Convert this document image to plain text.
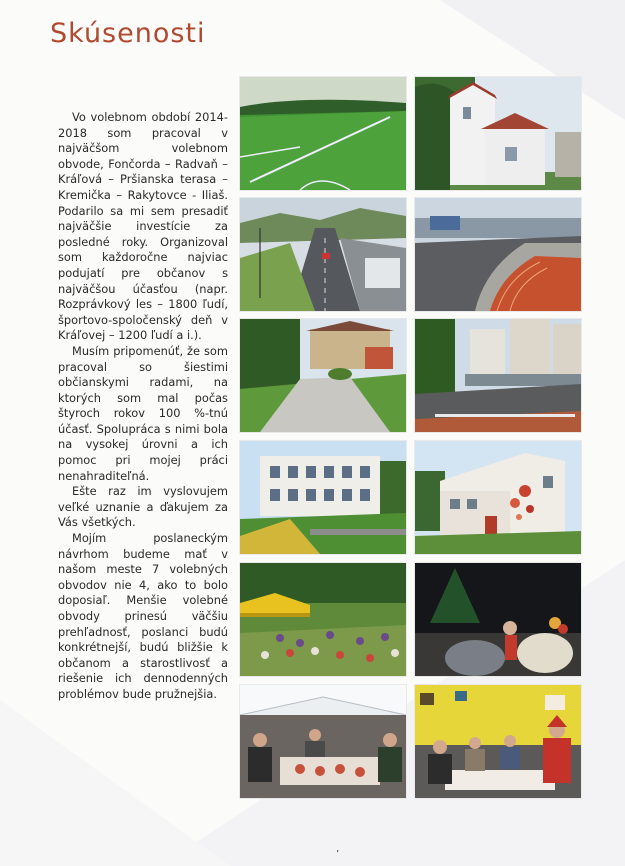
Skúsenosti

Vo volebnom období 2014-2018 som pracoval v najväčšom volebnom obvode, Fončorda – Radvaň – Kráľová – Pršianska terasa – Kremička – Rakytovce - Iliaš. Podarilo sa mi sem presadiť najväčšie investície za posledné roky. Organizoval som každoročne najviac podujatí pre občanov s najväčšou účasťou (napr. Rozprávkový les – 1800 ľudí, športovo-spoločenský deň v Kráľovej – 1200 ľudí a i.).

Musím pripomenúť, že som pracoval so šiestimi občianskymi radami, na ktorých som mal počas štyroch rokov 100 %-tnú účasť. Spolupráca s nimi bola na vysokej úrovni a ich pomoc pri mojej práci nenahraditeľná.

Ešte raz im vyslovujem veľké uznanie a ďakujem za Vás všetkých.

Mojím poslaneckým návrhom budeme mať v našom meste 7 volebných obvodov nie 4, ako to bolo doposiaľ. Menšie volebné obvody prinesú väčšiu prehľadnosť, poslanci budú konkrétnejší, budú bližšie k občanom a starostlivosť a riešenie ich dennodenných problémov bude pružnejšia.

’
